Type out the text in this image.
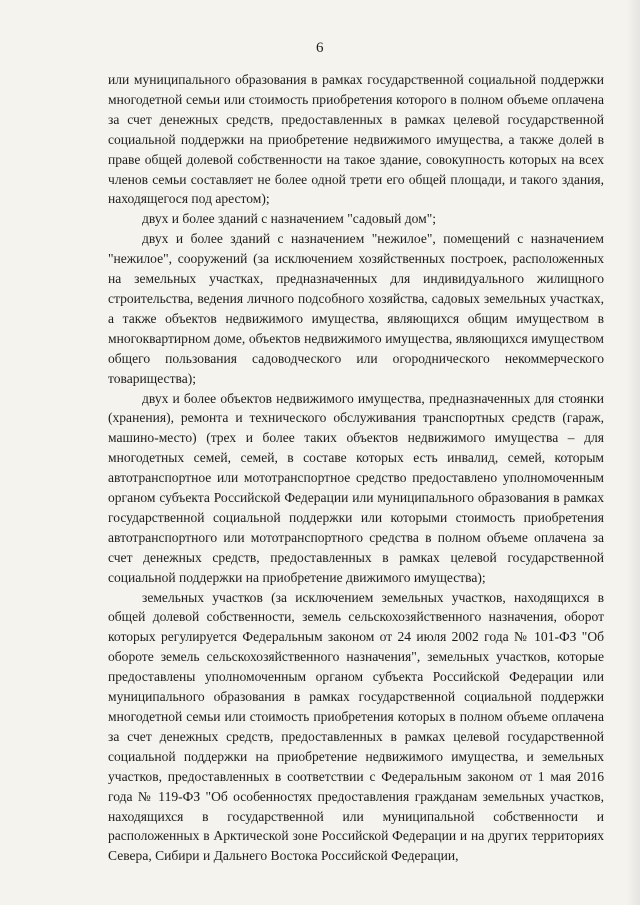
6

или муниципального образования в рамках государственной социальной поддержки многодетной семьи или стоимость приобретения которого в полном объеме оплачена за счет денежных средств, предоставленных в рамках целевой государственной социальной поддержки на приобретение недвижимого имущества, а также долей в праве общей долевой собственности на такое здание, совокупность которых на всех членов семьи составляет не более одной трети его общей площади, и такого здания, находящегося под арестом);

двух и более зданий с назначением "садовый дом";

двух и более зданий с назначением "нежилое", помещений с назначением "нежилое", сооружений (за исключением хозяйственных построек, расположенных на земельных участках, предназначенных для индивидуального жилищного строительства, ведения личного подсобного хозяйства, садовых земельных участках, а также объектов недвижимого имущества, являющихся общим имуществом в многоквартирном доме, объектов недвижимого имущества, являющихся имуществом общего пользования садоводческого или огороднического некоммерческого товарищества);

двух и более объектов недвижимого имущества, предназначенных для стоянки (хранения), ремонта и технического обслуживания транспортных средств (гараж, машино-место) (трех и более таких объектов недвижимого имущества – для многодетных семей, семей, в составе которых есть инвалид, семей, которым автотранспортное или мототранспортное средство предоставлено уполномоченным органом субъекта Российской Федерации или муниципального образования в рамках государственной социальной поддержки или которыми стоимость приобретения автотранспортного или мототранспортного средства в полном объеме оплачена за счет денежных средств, предоставленных в рамках целевой государственной социальной поддержки на приобретение движимого имущества);

земельных участков (за исключением земельных участков, находящихся в общей долевой собственности, земель сельскохозяйственного назначения, оборот которых регулируется Федеральным законом от 24 июля 2002 года № 101-ФЗ "Об обороте земель сельскохозяйственного назначения", земельных участков, которые предоставлены уполномоченным органом субъекта Российской Федерации или муниципального образования в рамках государственной социальной поддержки многодетной семьи или стоимость приобретения которых в полном объеме оплачена за счет денежных средств, предоставленных в рамках целевой государственной социальной поддержки на приобретение недвижимого имущества, и земельных участков, предоставленных в соответствии с Федеральным законом от 1 мая 2016 года № 119-ФЗ "Об особенностях предоставления гражданам земельных участков, находящихся в государственной или муниципальной собственности и расположенных в Арктической зоне Российской Федерации и на других территориях Севера, Сибири и Дальнего Востока Российской Федерации,
